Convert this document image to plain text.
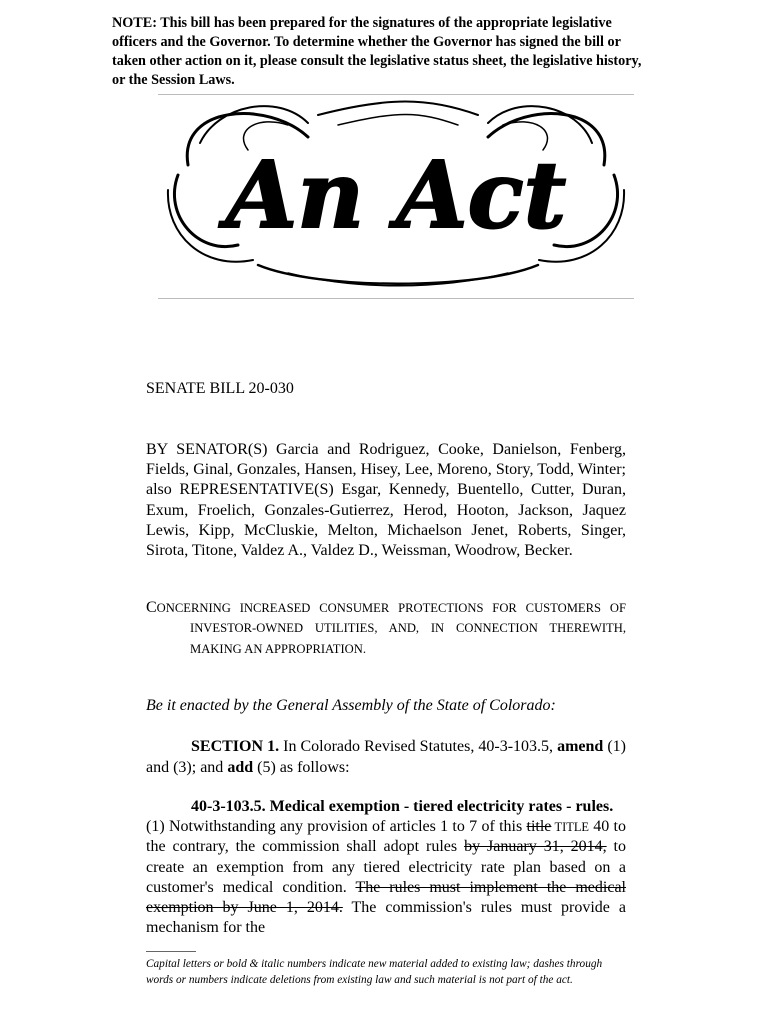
NOTE: This bill has been prepared for the signatures of the appropriate legislative officers and the Governor. To determine whether the Governor has signed the bill or taken other action on it, please consult the legislative status sheet, the legislative history, or the Session Laws.
An Act
SENATE BILL 20-030
BY SENATOR(S) Garcia and Rodriguez, Cooke, Danielson, Fenberg, Fields, Ginal, Gonzales, Hansen, Hisey, Lee, Moreno, Story, Todd, Winter; also REPRESENTATIVE(S) Esgar, Kennedy, Buentello, Cutter, Duran, Exum, Froelich, Gonzales-Gutierrez, Herod, Hooton, Jackson, Jaquez Lewis, Kipp, McCluskie, Melton, Michaelson Jenet, Roberts, Singer, Sirota, Titone, Valdez A., Valdez D., Weissman, Woodrow, Becker.
CONCERNING INCREASED CONSUMER PROTECTIONS FOR CUSTOMERS OF
INVESTOR-OWNED UTILITIES, AND, IN CONNECTION THEREWITH,
MAKING AN APPROPRIATION.
Be it enacted by the General Assembly of the State of Colorado:
SECTION 1. In Colorado Revised Statutes, 40-3-103.5, amend (1) and (3); and add (5) as follows:
40-3-103.5. Medical exemption - tiered electricity rates - rules.
(1) Notwithstanding any provision of articles 1 to 7 of this title TITLE 40 to the contrary, the commission shall adopt rules by January 31, 2014, to create an exemption from any tiered electricity rate plan based on a customer's medical condition. The rules must implement the medical exemption by June 1, 2014. The commission's rules must provide a mechanism for the
Capital letters or bold & italic numbers indicate new material added to existing law; dashes through words or numbers indicate deletions from existing law and such material is not part of the act.
